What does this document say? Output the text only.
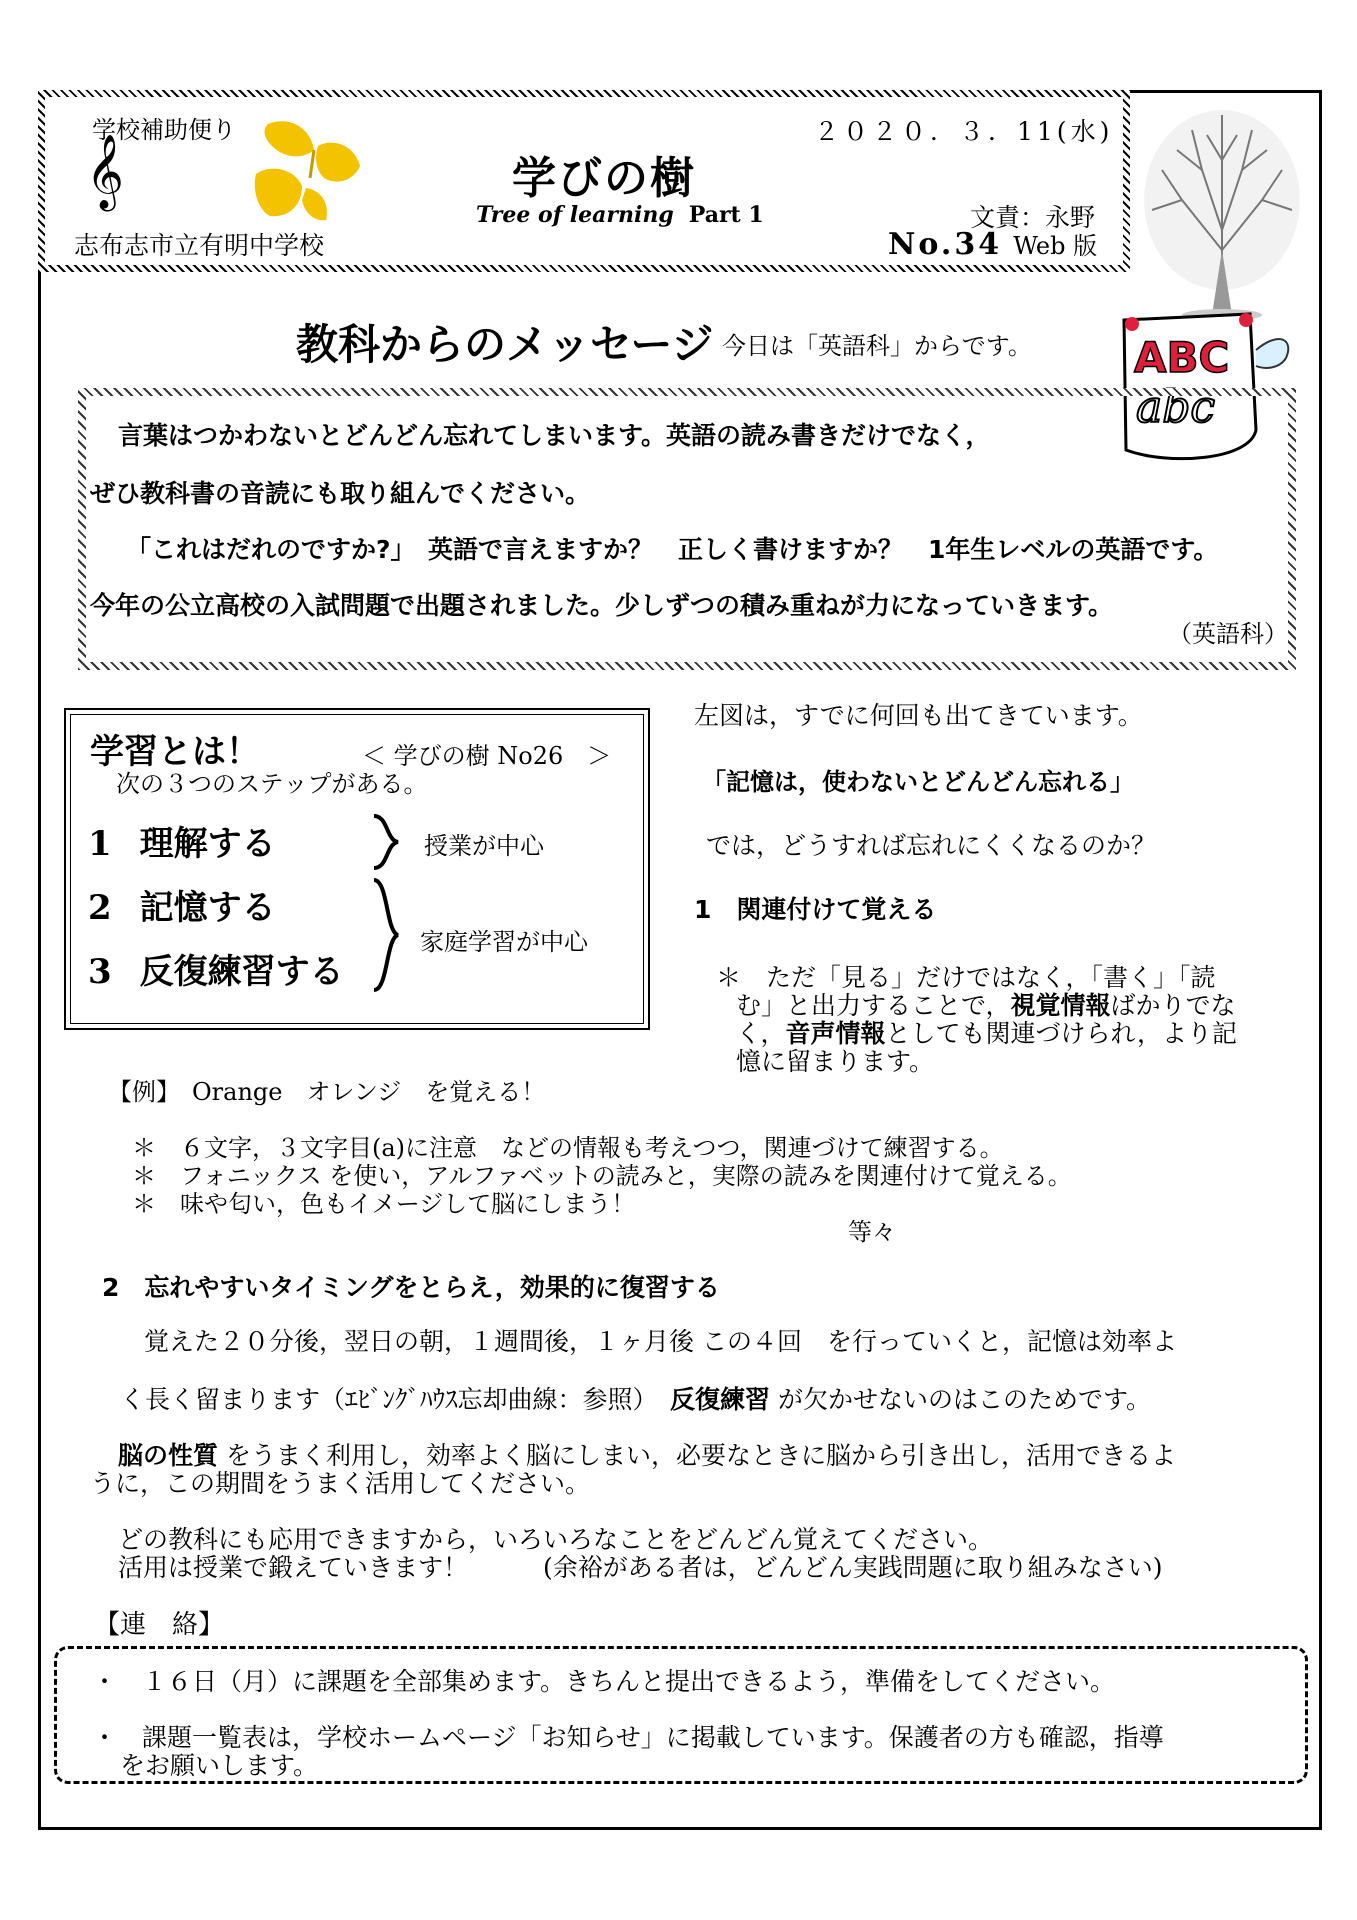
学校補助便り
𝄞
志布志市立有明中学校
学びの樹
Tree of learning Part 1
２０２０．３．11(水)
文責：永野
No.34 Web 版
教科からのメッセージ 今日は「英語科」からです。 ABC
abc
言葉はつかわないとどんどん忘れてしまいます。英語の読み書きだけでなく，
ぜひ教科書の音読にも取り組んでください。
「これはだれのですか?」　英語で言えますか？　正しく書けますか？　1年生レベルの英語です。
今年の公立高校の入試問題で出題されました。少しずつの積み重ねが力になっていきます。
（英語科）
学習とは！	＜ 学びの樹 No26　＞
次の３つのステップがある。
1 理解する
2 記憶する
3 反復練習する
授業が中心
家庭学習が中心
左図は，すでに何回も出てきています。
「記憶は，使わないとどんどん忘れる」
では，どうすれば忘れにくくなるのか？
1　関連付けて覚える
＊　ただ「見る」だけではなく，「書く」「読
む」と出力することで，視覚情報ばかりでな
く，音声情報としても関連づけられ，より記
憶に留まります。
【例】　Orange　オレンジ　を覚える！
＊　６文字，３文字目(a)に注意　などの情報も考えつつ，関連づけて練習する。
＊　フォニックス を使い，アルファベットの読みと，実際の読みを関連付けて覚える。
＊　味や匂い，色もイメージして脳にしまう！
等々
2　忘れやすいタイミングをとらえ，効果的に復習する
覚えた２０分後，翌日の朝，１週間後，１ヶ月後 この４回　を行っていくと，記憶は効率よ
く長く留まります（ｴﾋﾞﾝｸﾞﾊｳｽ忘却曲線：参照）　反復練習 が欠かせないのはこのためです。
脳の性質 をうまく利用し，効率よく脳にしまい，必要なときに脳から引き出し，活用できるよ
うに，この期間をうまく活用してください。
どの教科にも応用できますから，いろいろなことをどんどん覚えてください。
活用は授業で鍛えていきます！　　　(余裕がある者は，どんどん実践問題に取り組みなさい)
【連　絡】
・　１６日（月）に課題を全部集めます。きちんと提出できるよう，準備をしてください。
・　課題一覧表は，学校ホームページ「お知らせ」に掲載しています。保護者の方も確認，指導
をお願いします。
